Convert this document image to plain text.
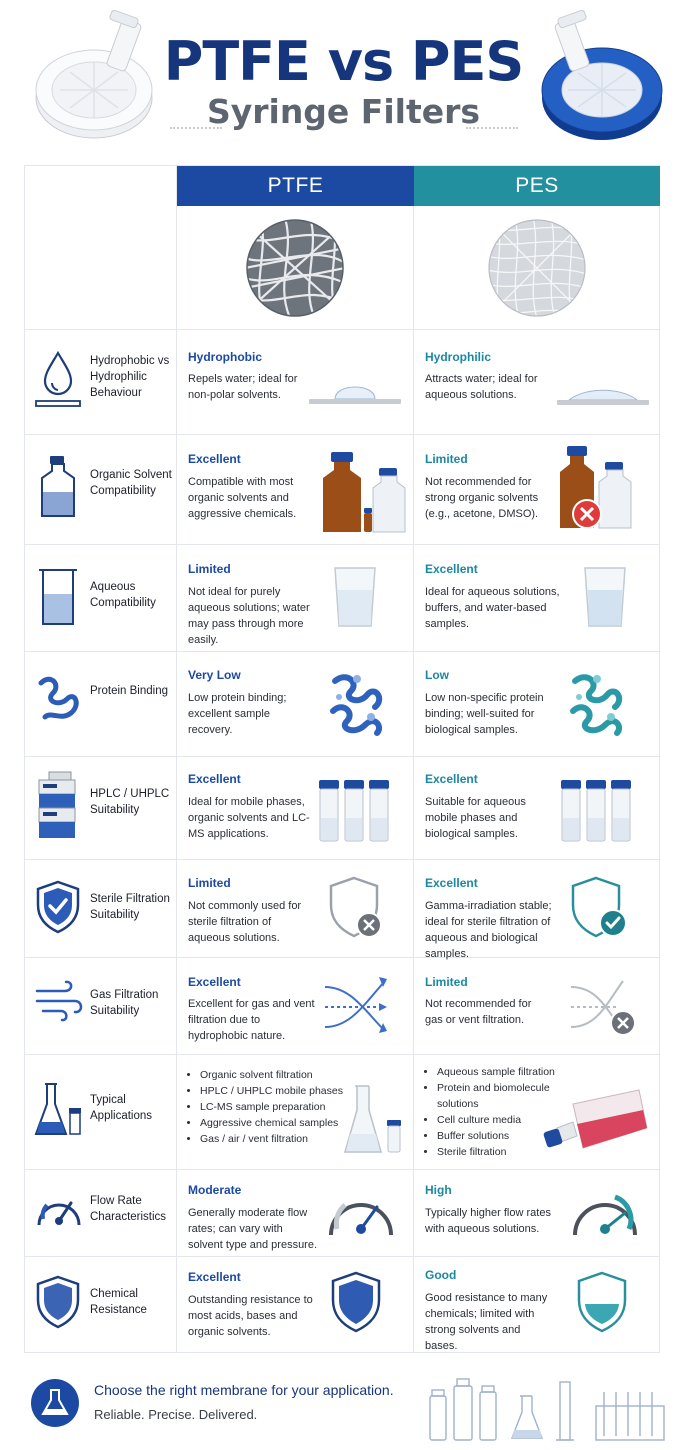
PTFE vs PES
Syringe Filters
PTFE	PES
Hydrophobic vs Hydrophilic Behaviour
Hydrophobic
Repels water; ideal for non-polar solvents.
Hydrophilic
Attracts water; ideal for aqueous solutions.
Organic Solvent Compatibility
Excellent
Compatible with most organic solvents and aggressive chemicals.
Limited
Not recommended for strong organic solvents (e.g., acetone, DMSO).
Aqueous Compatibility
Limited
Not ideal for purely aqueous solutions; water may pass through more easily.
Excellent
Ideal for aqueous solutions, buffers, and water-based samples.
Protein Binding
Very Low
Low protein binding; excellent sample recovery.
Low
Low non-specific protein binding; well-suited for biological samples.
HPLC / UHPLC Suitability
Excellent
Ideal for mobile phases, organic solvents and LC-MS applications.
Excellent
Suitable for aqueous mobile phases and biological samples.
Sterile Filtration Suitability
Limited
Not commonly used for sterile filtration of aqueous solutions.
Excellent
Gamma-irradiation stable; ideal for sterile filtration of aqueous and biological samples.
Gas Filtration Suitability
Excellent
Excellent for gas and vent filtration due to hydrophobic nature.
Limited
Not recommended for gas or vent filtration.
Typical Applications
• Organic solvent filtration
• HPLC / UHPLC mobile phases
• LC-MS sample preparation
• Aggressive chemical samples
• Gas / air / vent filtration
• Aqueous sample filtration
• Protein and biomolecule solutions
• Cell culture media
• Buffer solutions
• Sterile filtration
Flow Rate Characteristics
Moderate
Generally moderate flow rates; can vary with solvent type and pressure.
High
Typically higher flow rates with aqueous solutions.
Chemical Resistance
Excellent
Outstanding resistance to most acids, bases and organic solvents.
Good
Good resistance to many chemicals; limited with strong solvents and bases.
Choose the right membrane for your application.
Reliable. Precise. Delivered.
